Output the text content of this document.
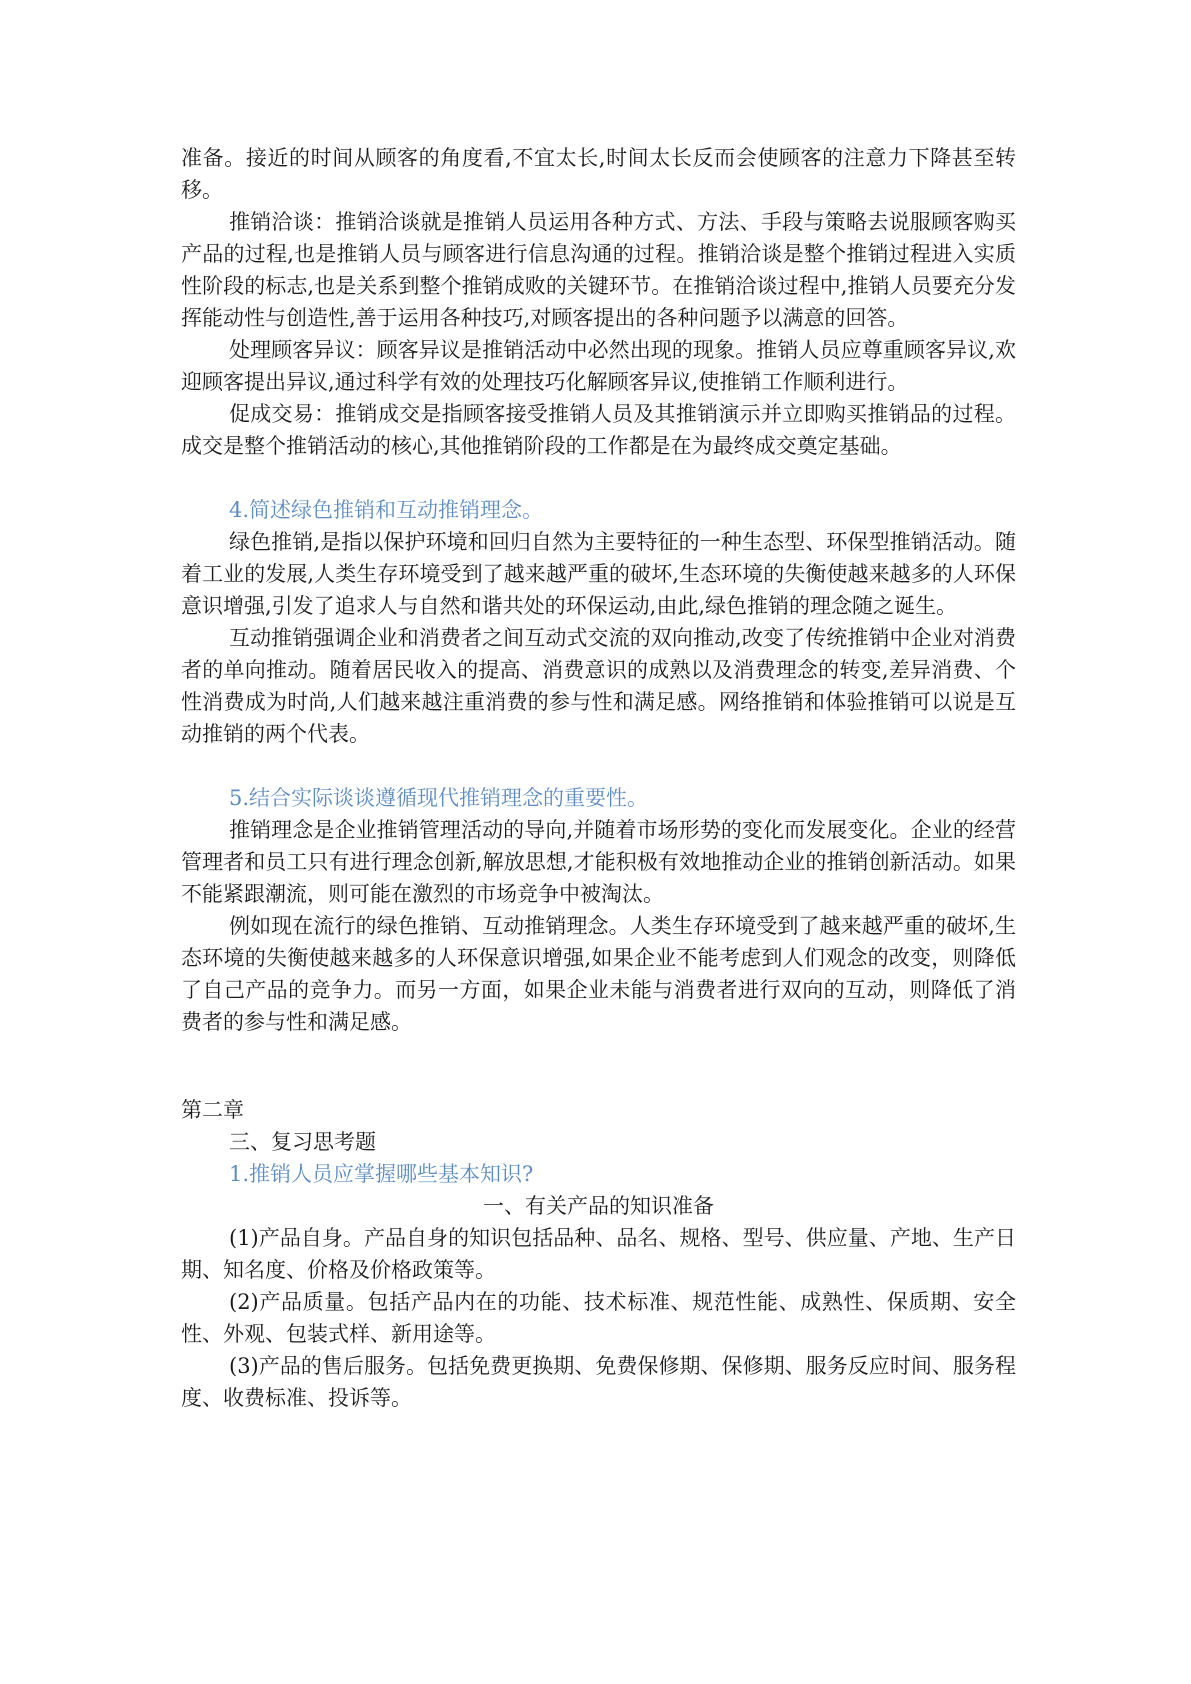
准备。接近的时间从顾客的角度看,不宜太长,时间太长反而会使顾客的注意力下降甚至转移。

推销洽谈：推销洽谈就是推销人员运用各种方式、方法、手段与策略去说服顾客购买产品的过程,也是推销人员与顾客进行信息沟通的过程。推销洽谈是整个推销过程进入实质性阶段的标志,也是关系到整个推销成败的关键环节。在推销洽谈过程中,推销人员要充分发挥能动性与创造性,善于运用各种技巧,对顾客提出的各种问题予以满意的回答。

处理顾客异议：顾客异议是推销活动中必然出现的现象。推销人员应尊重顾客异议,欢迎顾客提出异议,通过科学有效的处理技巧化解顾客异议,使推销工作顺利进行。

促成交易：推销成交是指顾客接受推销人员及其推销演示并立即购买推销品的过程。成交是整个推销活动的核心,其他推销阶段的工作都是在为最终成交奠定基础。

4.简述绿色推销和互动推销理念。

绿色推销,是指以保护环境和回归自然为主要特征的一种生态型、环保型推销活动。随着工业的发展,人类生存环境受到了越来越严重的破坏,生态环境的失衡使越来越多的人环保意识增强,引发了追求人与自然和谐共处的环保运动,由此,绿色推销的理念随之诞生。

互动推销强调企业和消费者之间互动式交流的双向推动,改变了传统推销中企业对消费者的单向推动。随着居民收入的提高、消费意识的成熟以及消费理念的转变,差异消费、个性消费成为时尚,人们越来越注重消费的参与性和满足感。网络推销和体验推销可以说是互动推销的两个代表。

5.结合实际谈谈遵循现代推销理念的重要性。

推销理念是企业推销管理活动的导向,并随着市场形势的变化而发展变化。企业的经营管理者和员工只有进行理念创新,解放思想,才能积极有效地推动企业的推销创新活动。如果不能紧跟潮流，则可能在激烈的市场竞争中被淘汰。

例如现在流行的绿色推销、互动推销理念。人类生存环境受到了越来越严重的破坏,生态环境的失衡使越来越多的人环保意识增强,如果企业不能考虑到人们观念的改变，则降低了自己产品的竞争力。而另一方面，如果企业未能与消费者进行双向的互动，则降低了消费者的参与性和满足感。

第二章

三、复习思考题

1.推销人员应掌握哪些基本知识?

一、有关产品的知识准备

(1)产品自身。产品自身的知识包括品种、品名、规格、型号、供应量、产地、生产日期、知名度、价格及价格政策等。

(2)产品质量。包括产品内在的功能、技术标准、规范性能、成熟性、保质期、安全性、外观、包装式样、新用途等。

(3)产品的售后服务。包括免费更换期、免费保修期、保修期、服务反应时间、服务程度、收费标准、投诉等。
